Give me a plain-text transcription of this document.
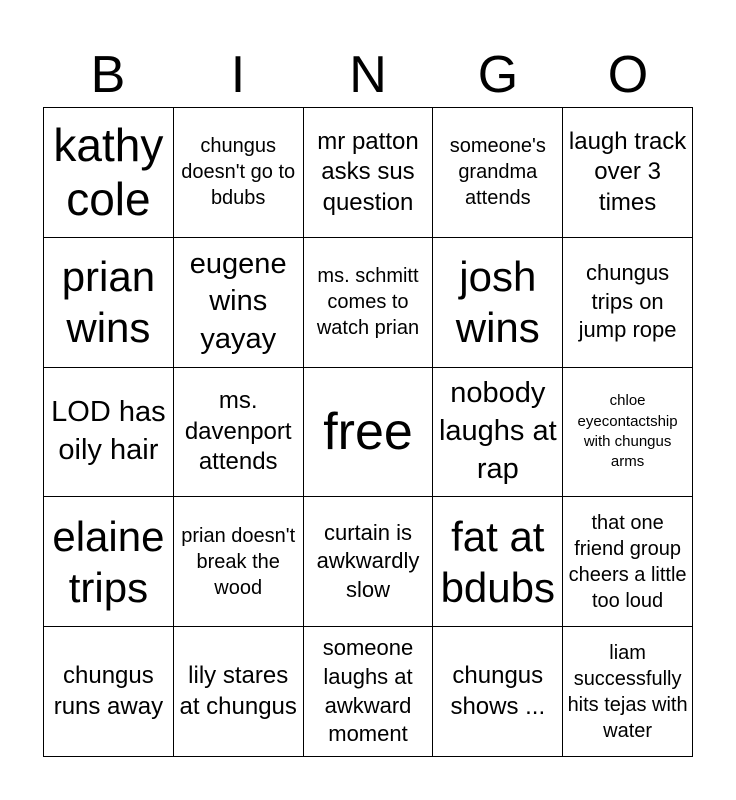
B	I	N	G	O
kathy cole
chungus doesn't go to bdubs
mr patton asks sus question
someone's grandma attends
laugh track over 3 times
prian wins
eugene wins yayay
ms. schmitt comes to watch prian
josh wins
chungus trips on jump rope
LOD has oily hair
ms. davenport attends
free
nobody laughs at rap
chloe eyecontactship with chungus arms
elaine trips
prian doesn't break the wood
curtain is awkwardly slow
fat at bdubs
that one friend group cheers a little too loud
chungus runs away
lily stares at chungus
someone laughs at awkward moment
chungus shows ...
liam successfully hits tejas with water
